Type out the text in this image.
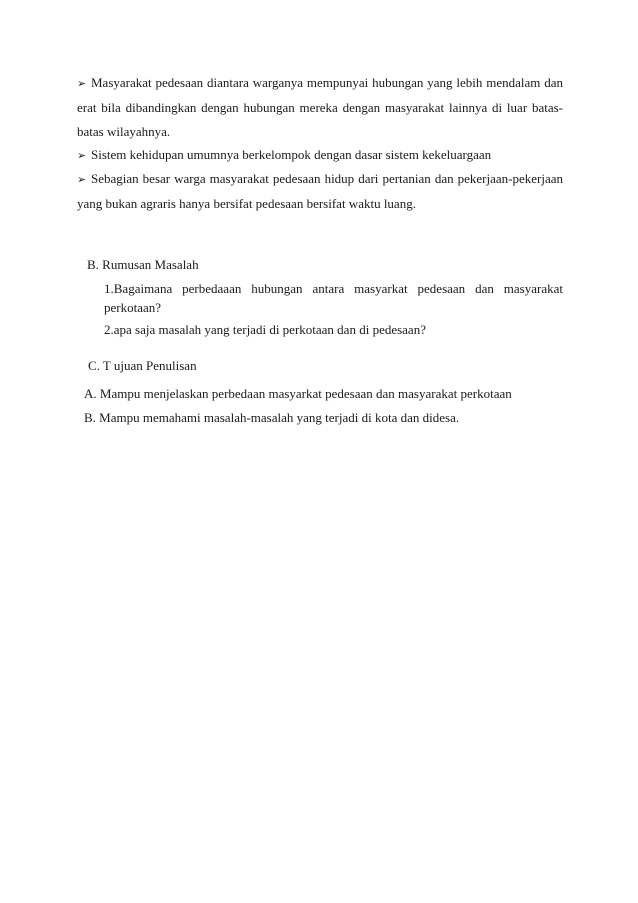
➢ Masyarakat pedesaan diantara warganya mempunyai hubungan yang lebih mendalam dan erat bila dibandingkan dengan hubungan mereka dengan masyarakat lainnya di luar batas-batas wilayahnya.
➢ Sistem kehidupan umumnya berkelompok dengan dasar sistem kekeluargaan
➢ Sebagian besar warga masyarakat pedesaan hidup dari pertanian dan pekerjaan-pekerjaan yang bukan agraris hanya bersifat pedesaan bersifat waktu luang.
B. Rumusan Masalah
1.Bagaimana perbedaaan hubungan antara masyarkat pedesaan dan masyarakat
perkotaan?
2.apa saja masalah yang terjadi di perkotaan dan di pedesaan?
C. T ujuan Penulisan
A. Mampu menjelaskan perbedaan masyarkat pedesaan dan masyarakat perkotaan
B. Mampu memahami masalah-masalah yang terjadi di kota dan didesa.
